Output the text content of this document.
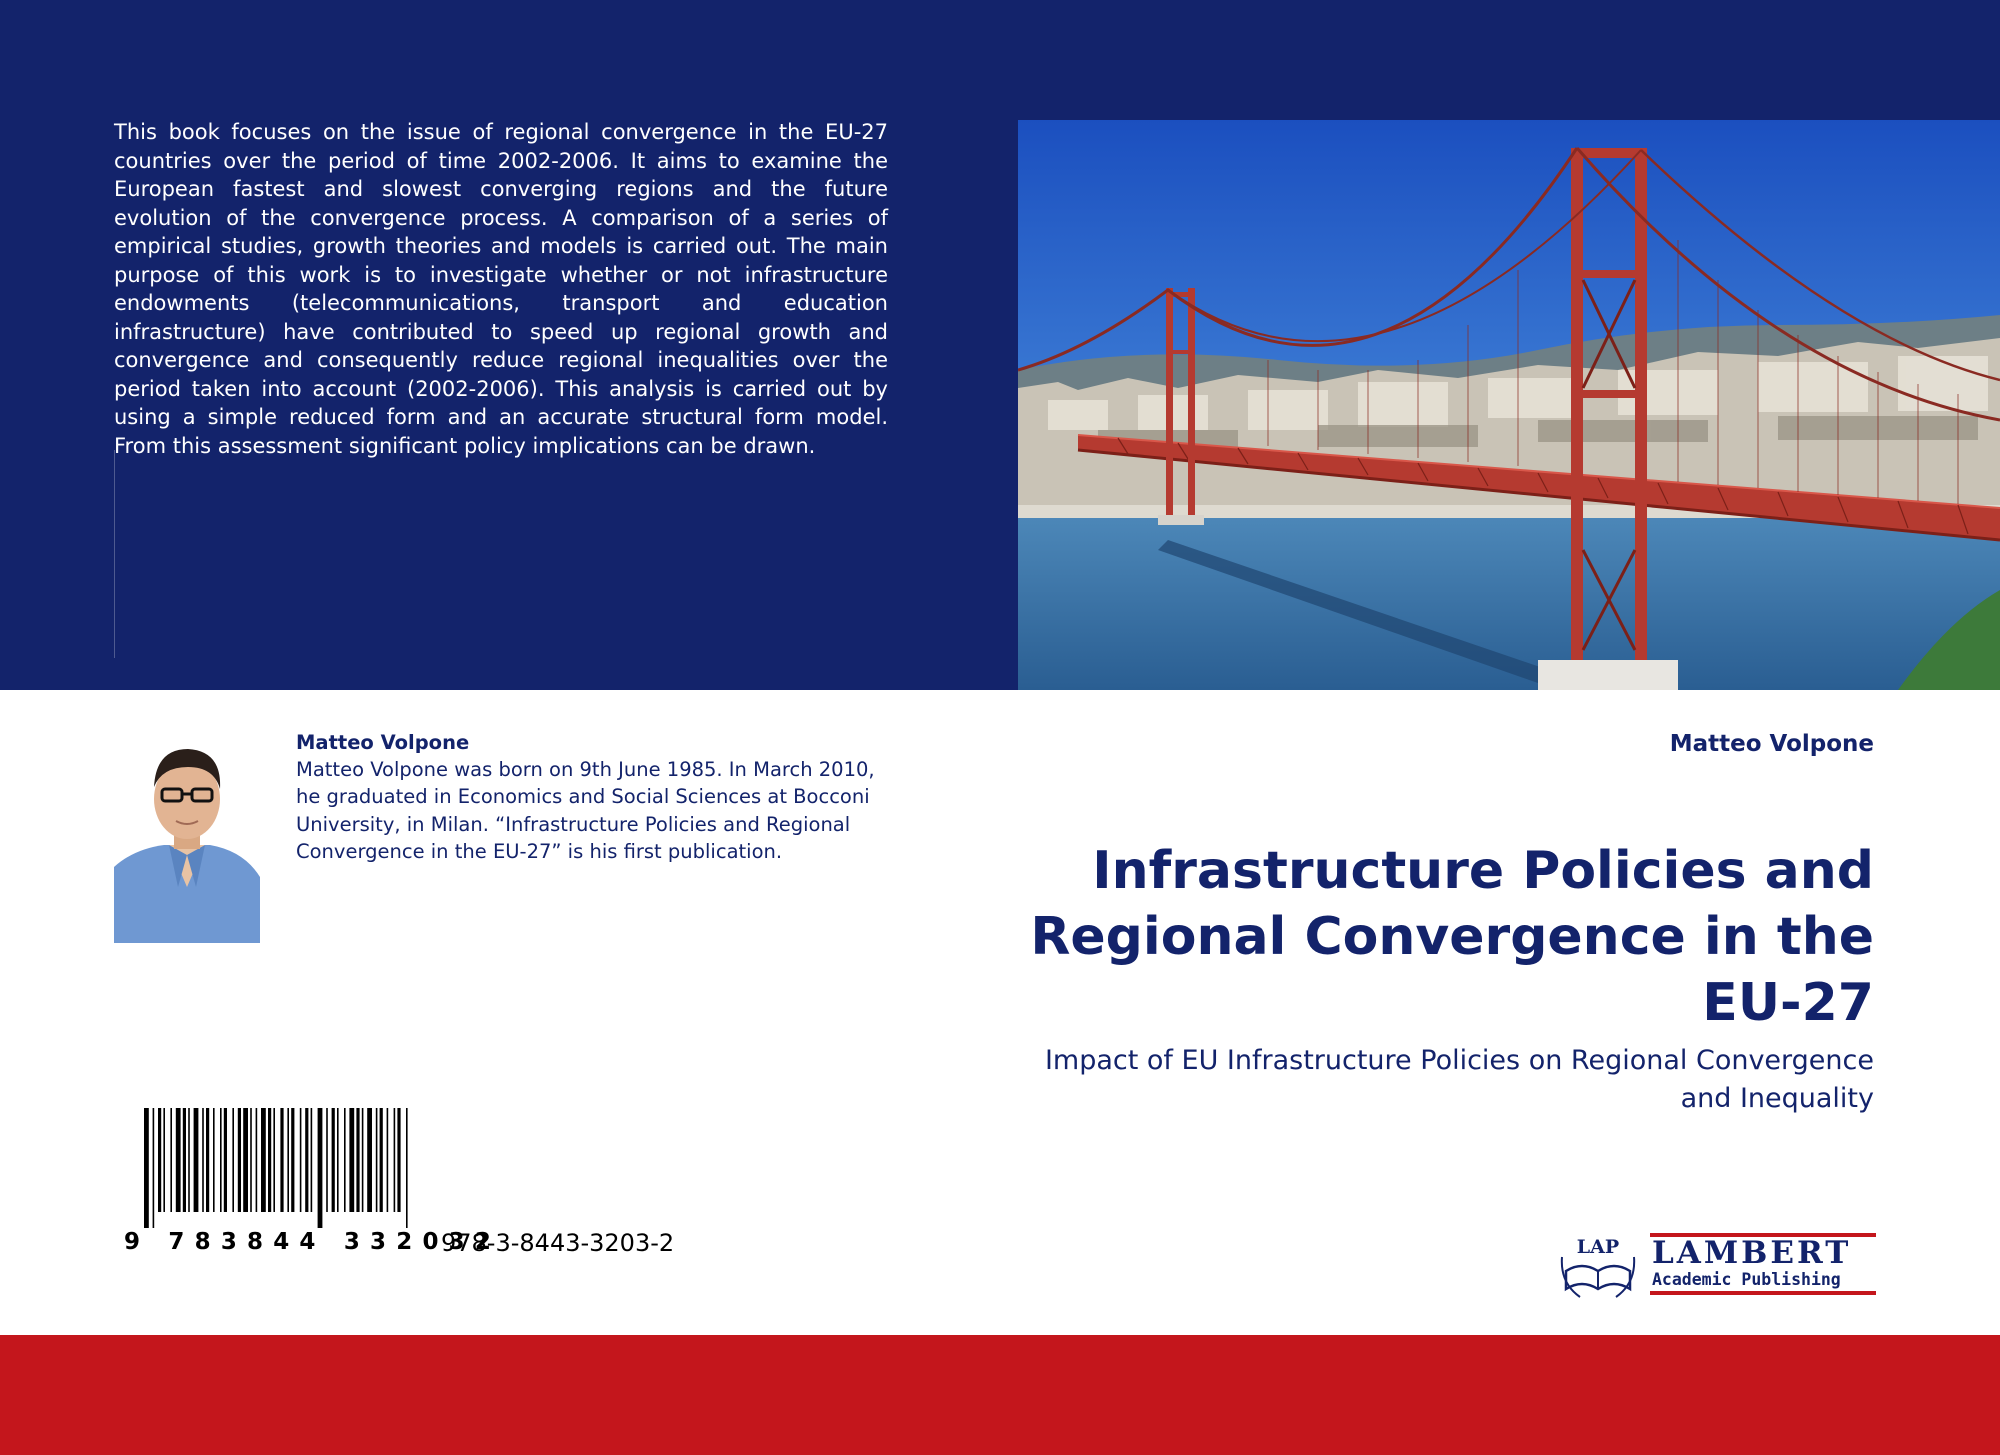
This book focuses on the issue of regional convergence in the EU-27 countries over the period of time 2002-2006. It aims to examine the European fastest and slowest converging regions and the future evolution of the convergence process. A comparison of a series of empirical studies, growth theories and models is carried out. The main purpose of this work is to investigate whether or not infrastructure endowments (telecommunications, transport and education infrastructure) have contributed to speed up regional growth and convergence and consequently reduce regional inequalities over the period taken into account (2002-2006). This analysis is carried out by using a simple reduced form and an accurate structural form model. From this assessment significant policy implications can be drawn.

Matteo Volpone
Matteo Volpone was born on 9th June 1985. In March 2010, he graduated in Economics and Social Sciences at Bocconi University, in Milan. “Infrastructure Policies and Regional Convergence in the EU-27” is his first publication.
9 783844 332032
978-3-8443-3203-2
Matteo Volpone
Infrastructure Policies and Regional Convergence in the EU-27
Impact of EU Infrastructure Policies on Regional Convergence and Inequality
LAP LAMBERT
Academic Publishing
